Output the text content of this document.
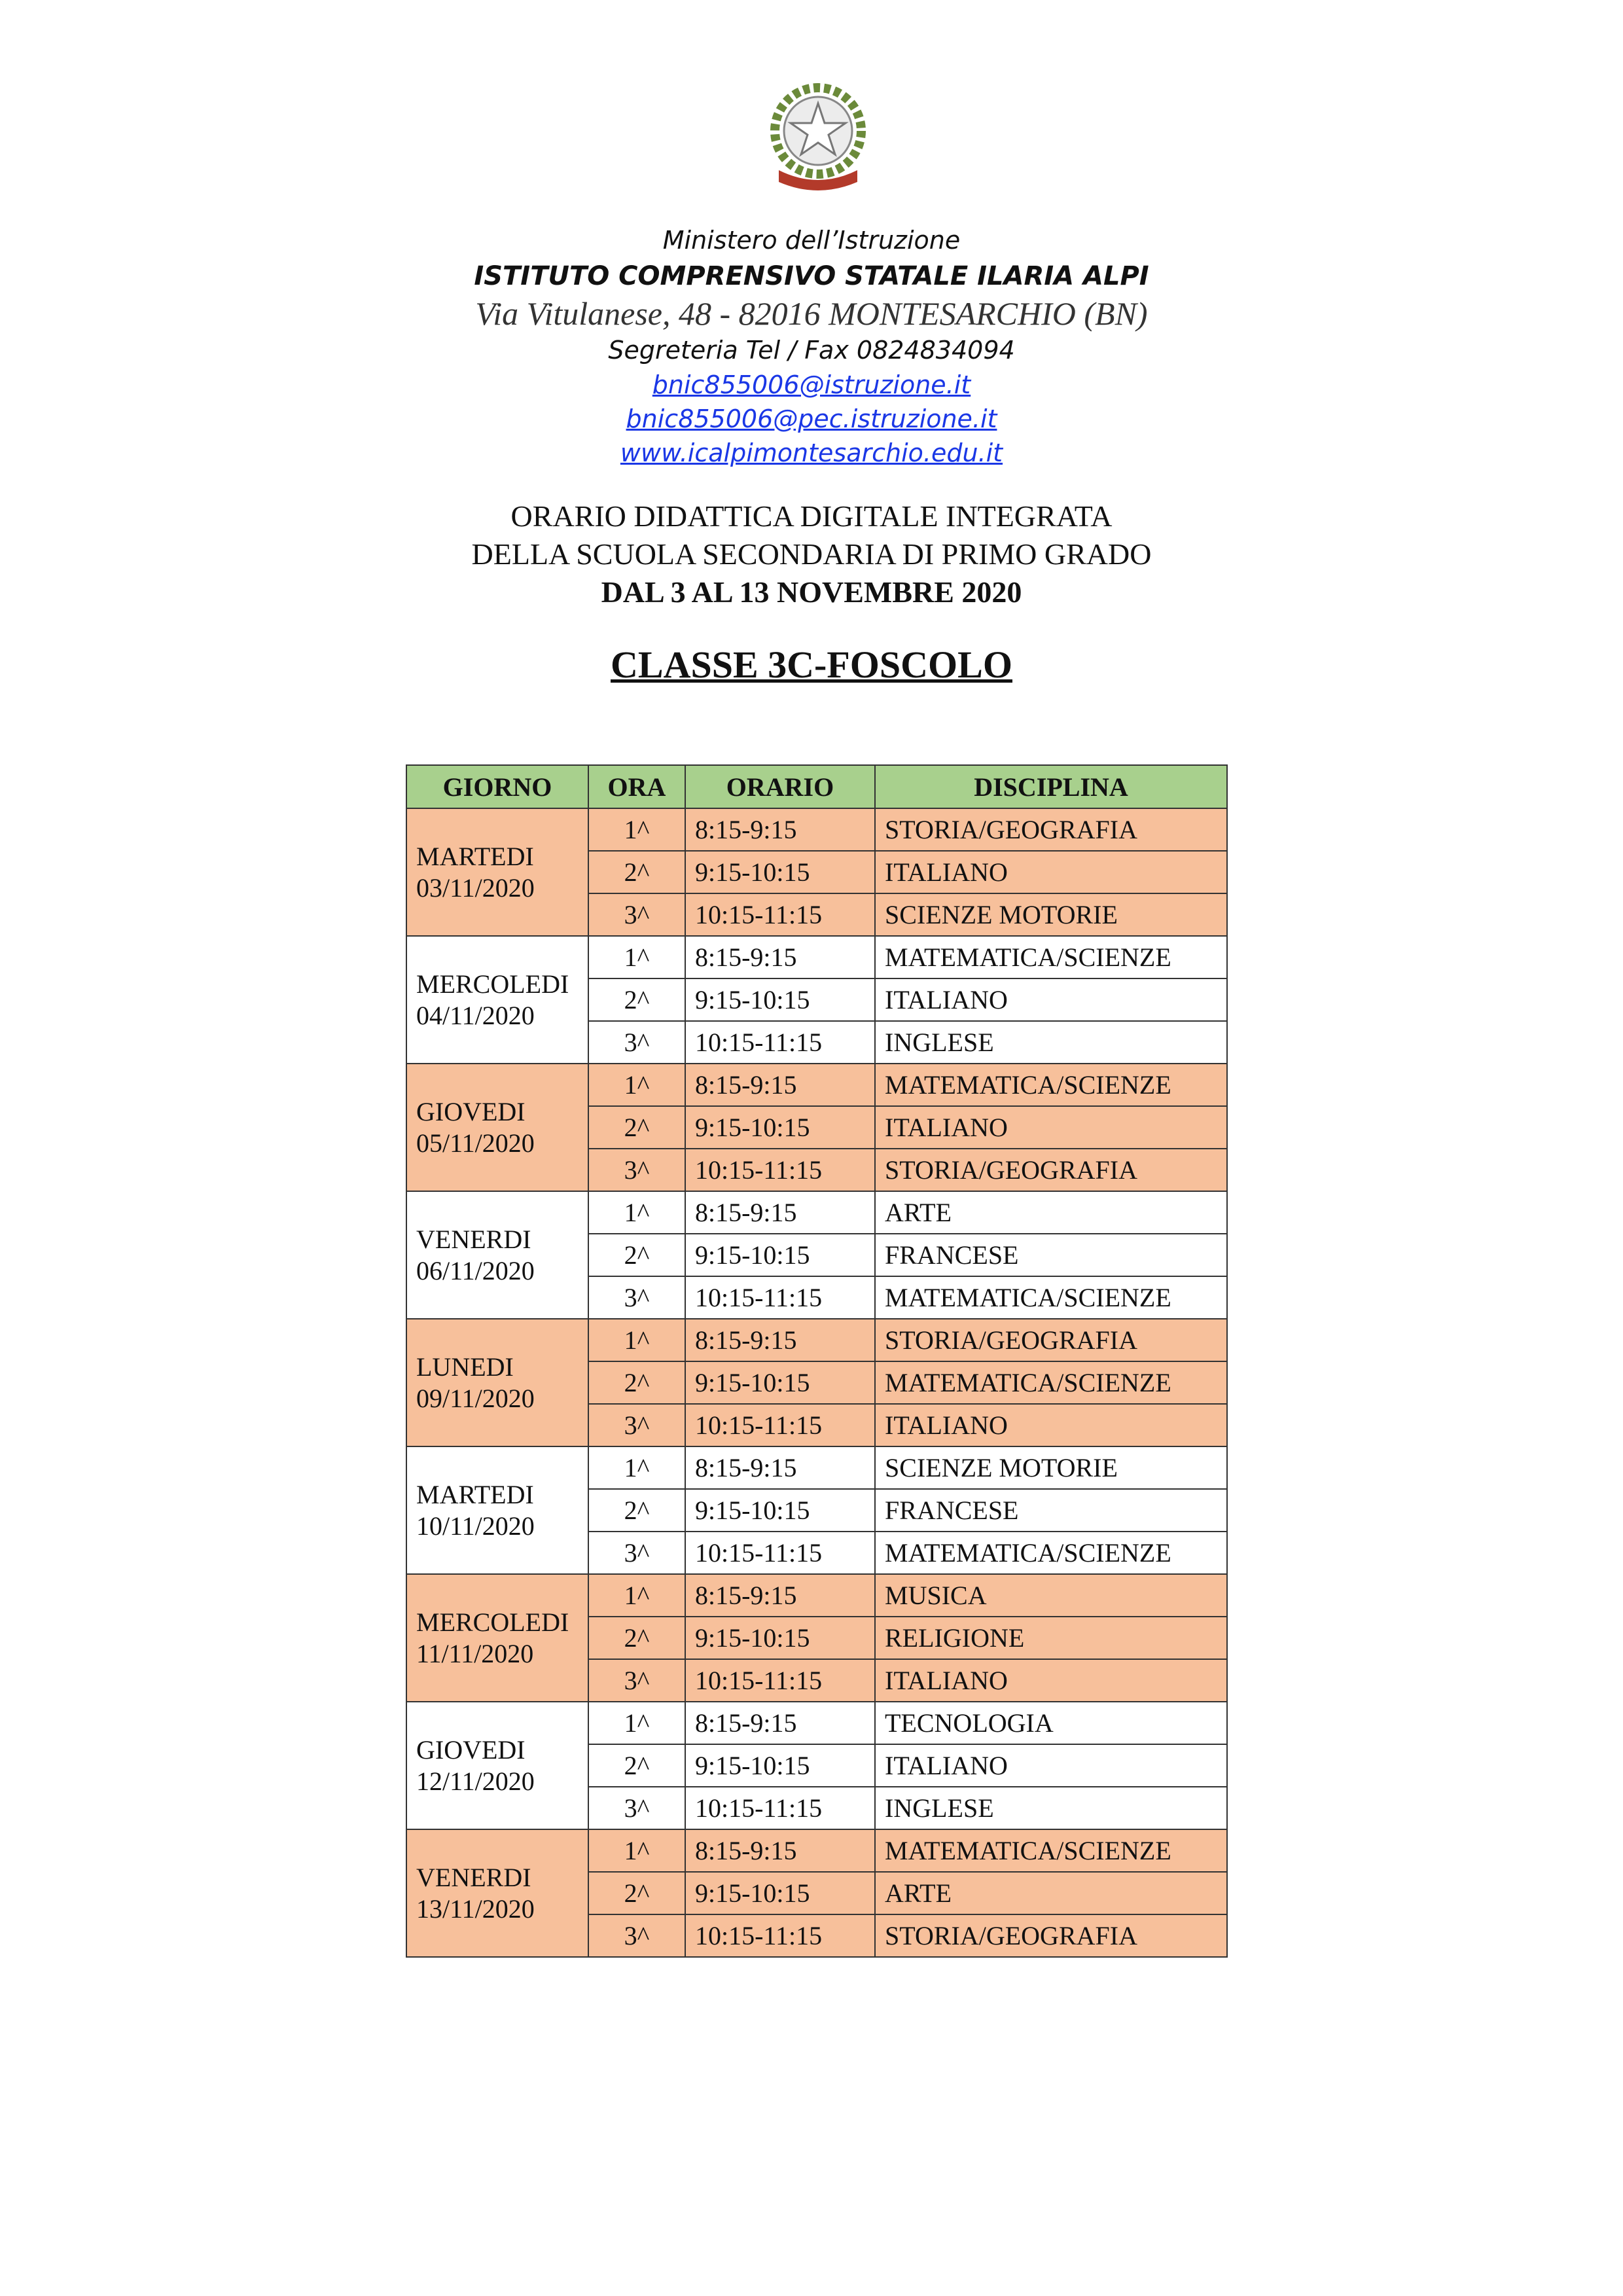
Ministero dell’Istruzione
ISTITUTO COMPRENSIVO STATALE ILARIA ALPI
Via Vitulanese, 48 - 82016 MONTESARCHIO (BN)
Segreteria Tel / Fax 0824834094
bnic855006@istruzione.it
bnic855006@pec.istruzione.it
www.icalpimontesarchio.edu.it
ORARIO DIDATTICA DIGITALE INTEGRATA
DELLA SCUOLA SECONDARIA DI PRIMO GRADO
DAL 3 AL 13 NOVEMBRE 2020
CLASSE 3C-FOSCOLO
GIORNO	ORA	ORARIO	DISCIPLINA

MARTEDI
03/11/2020	1^	8:15-9:15	STORIA/GEOGRAFIA
	2^	9:15-10:15	ITALIANO
	3^	10:15-11:15	SCIENZE MOTORIE

MERCOLEDI
04/11/2020	1^	8:15-9:15	MATEMATICA/SCIENZE
	2^	9:15-10:15	ITALIANO
	3^	10:15-11:15	INGLESE

GIOVEDI
05/11/2020	1^	8:15-9:15	MATEMATICA/SCIENZE
	2^	9:15-10:15	ITALIANO
	3^	10:15-11:15	STORIA/GEOGRAFIA

VENERDI
06/11/2020	1^	8:15-9:15	ARTE
	2^	9:15-10:15	FRANCESE
	3^	10:15-11:15	MATEMATICA/SCIENZE

LUNEDI
09/11/2020	1^	8:15-9:15	STORIA/GEOGRAFIA
	2^	9:15-10:15	MATEMATICA/SCIENZE
	3^	10:15-11:15	ITALIANO

MARTEDI
10/11/2020	1^	8:15-9:15	SCIENZE MOTORIE
	2^	9:15-10:15	FRANCESE
	3^	10:15-11:15	MATEMATICA/SCIENZE

MERCOLEDI
11/11/2020	1^	8:15-9:15	MUSICA
	2^	9:15-10:15	RELIGIONE
	3^	10:15-11:15	ITALIANO

GIOVEDI
12/11/2020	1^	8:15-9:15	TECNOLOGIA
	2^	9:15-10:15	ITALIANO
	3^	10:15-11:15	INGLESE

VENERDI
13/11/2020	1^	8:15-9:15	MATEMATICA/SCIENZE
	2^	9:15-10:15	ARTE
	3^	10:15-11:15	STORIA/GEOGRAFIA
